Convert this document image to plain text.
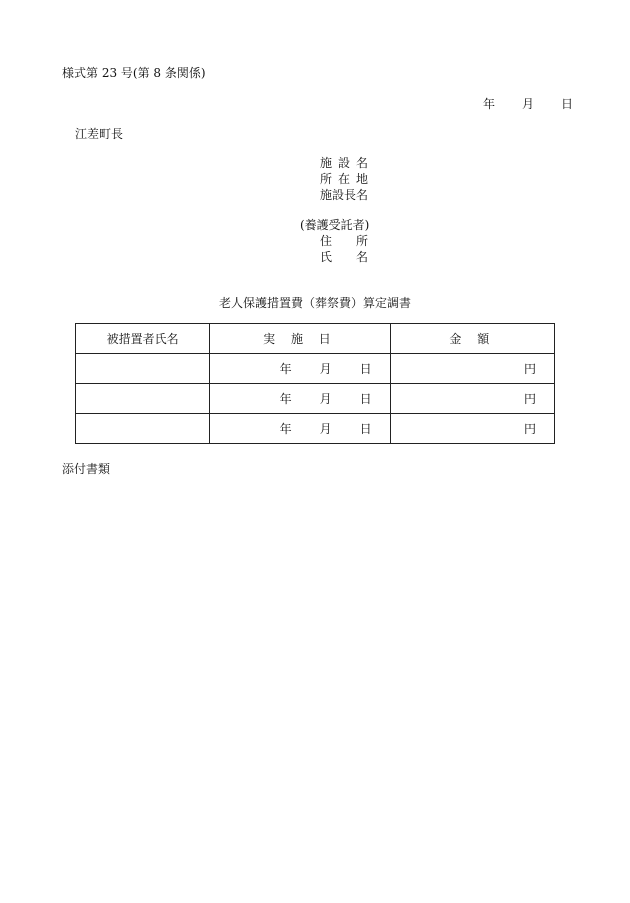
様式第 23 号(第 8 条関係)
年 月 日
江差町長
施 設 名
所 在 地
施 設 長 名
(養護受託者)
住 所
氏 名
老人保護措置費（葬祭費）算定調書
被措置者氏名	実 施 日	金 額

	年 月 日	円

	年 月 日	円

	年 月 日	円
添付書類
